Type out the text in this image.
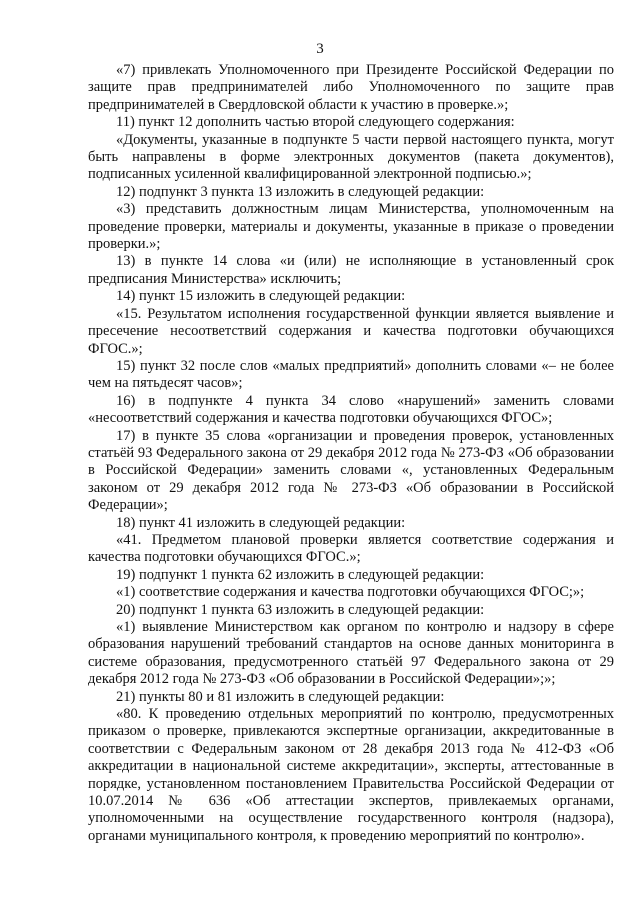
3

«7) привлекать Уполномоченного при Президенте Российской Федерации по защите прав предпринимателей либо Уполномоченного по защите прав предпринимателей в Свердловской области к участию в проверке.»;

11) пункт 12 дополнить частью второй следующего содержания:

«Документы, указанные в подпункте 5 части первой настоящего пункта, могут быть направлены в форме электронных документов (пакета документов), подписанных усиленной квалифицированной электронной подписью.»;

12) подпункт 3 пункта 13 изложить в следующей редакции:

«3) представить должностным лицам Министерства, уполномоченным на проведение проверки, материалы и документы, указанные в приказе о проведении проверки.»;

13) в пункте 14 слова «и (или) не исполняющие в установленный срок предписания Министерства» исключить;

14) пункт 15 изложить в следующей редакции:

«15. Результатом исполнения государственной функции является выявление и пресечение несоответствий содержания и качества подготовки обучающихся ФГОС.»;

15) пункт 32 после слов «малых предприятий» дополнить словами «– не более чем на пятьдесят часов»;

16) в подпункте 4 пункта 34 слово «нарушений» заменить словами «несоответствий содержания и качества подготовки обучающихся ФГОС»;

17) в пункте 35 слова «организации и проведения проверок, установленных статьёй 93 Федерального закона от 29 декабря 2012 года № 273-ФЗ «Об образовании в Российской Федерации» заменить словами «, установленных Федеральным законом от 29 декабря 2012 года № 273-ФЗ «Об образовании в Российской Федерации»;

18) пункт 41 изложить в следующей редакции:

«41. Предметом плановой проверки является соответствие содержания и качества подготовки обучающихся ФГОС.»;

19) подпункт 1 пункта 62 изложить в следующей редакции:

«1) соответствие содержания и качества подготовки обучающихся ФГОС;»;

20) подпункт 1 пункта 63 изложить в следующей редакции:

«1) выявление Министерством как органом по контролю и надзору в сфере образования нарушений требований стандартов на основе данных мониторинга в системе образования, предусмотренного статьёй 97 Федерального закона от 29 декабря 2012 года № 273-ФЗ «Об образовании в Российской Федерации»;»;

21) пункты 80 и 81 изложить в следующей редакции:

«80. К проведению отдельных мероприятий по контролю, предусмотренных приказом о проверке, привлекаются экспертные организации, аккредитованные в соответствии с Федеральным законом от 28 декабря 2013 года № 412-ФЗ «Об аккредитации в национальной системе аккредитации», эксперты, аттестованные в порядке, установленном постановлением Правительства Российской Федерации от 10.07.2014 № 636 «Об аттестации экспертов, привлекаемых органами, уполномоченными на осуществление государственного контроля (надзора), органами муниципального контроля, к проведению мероприятий по контролю».
